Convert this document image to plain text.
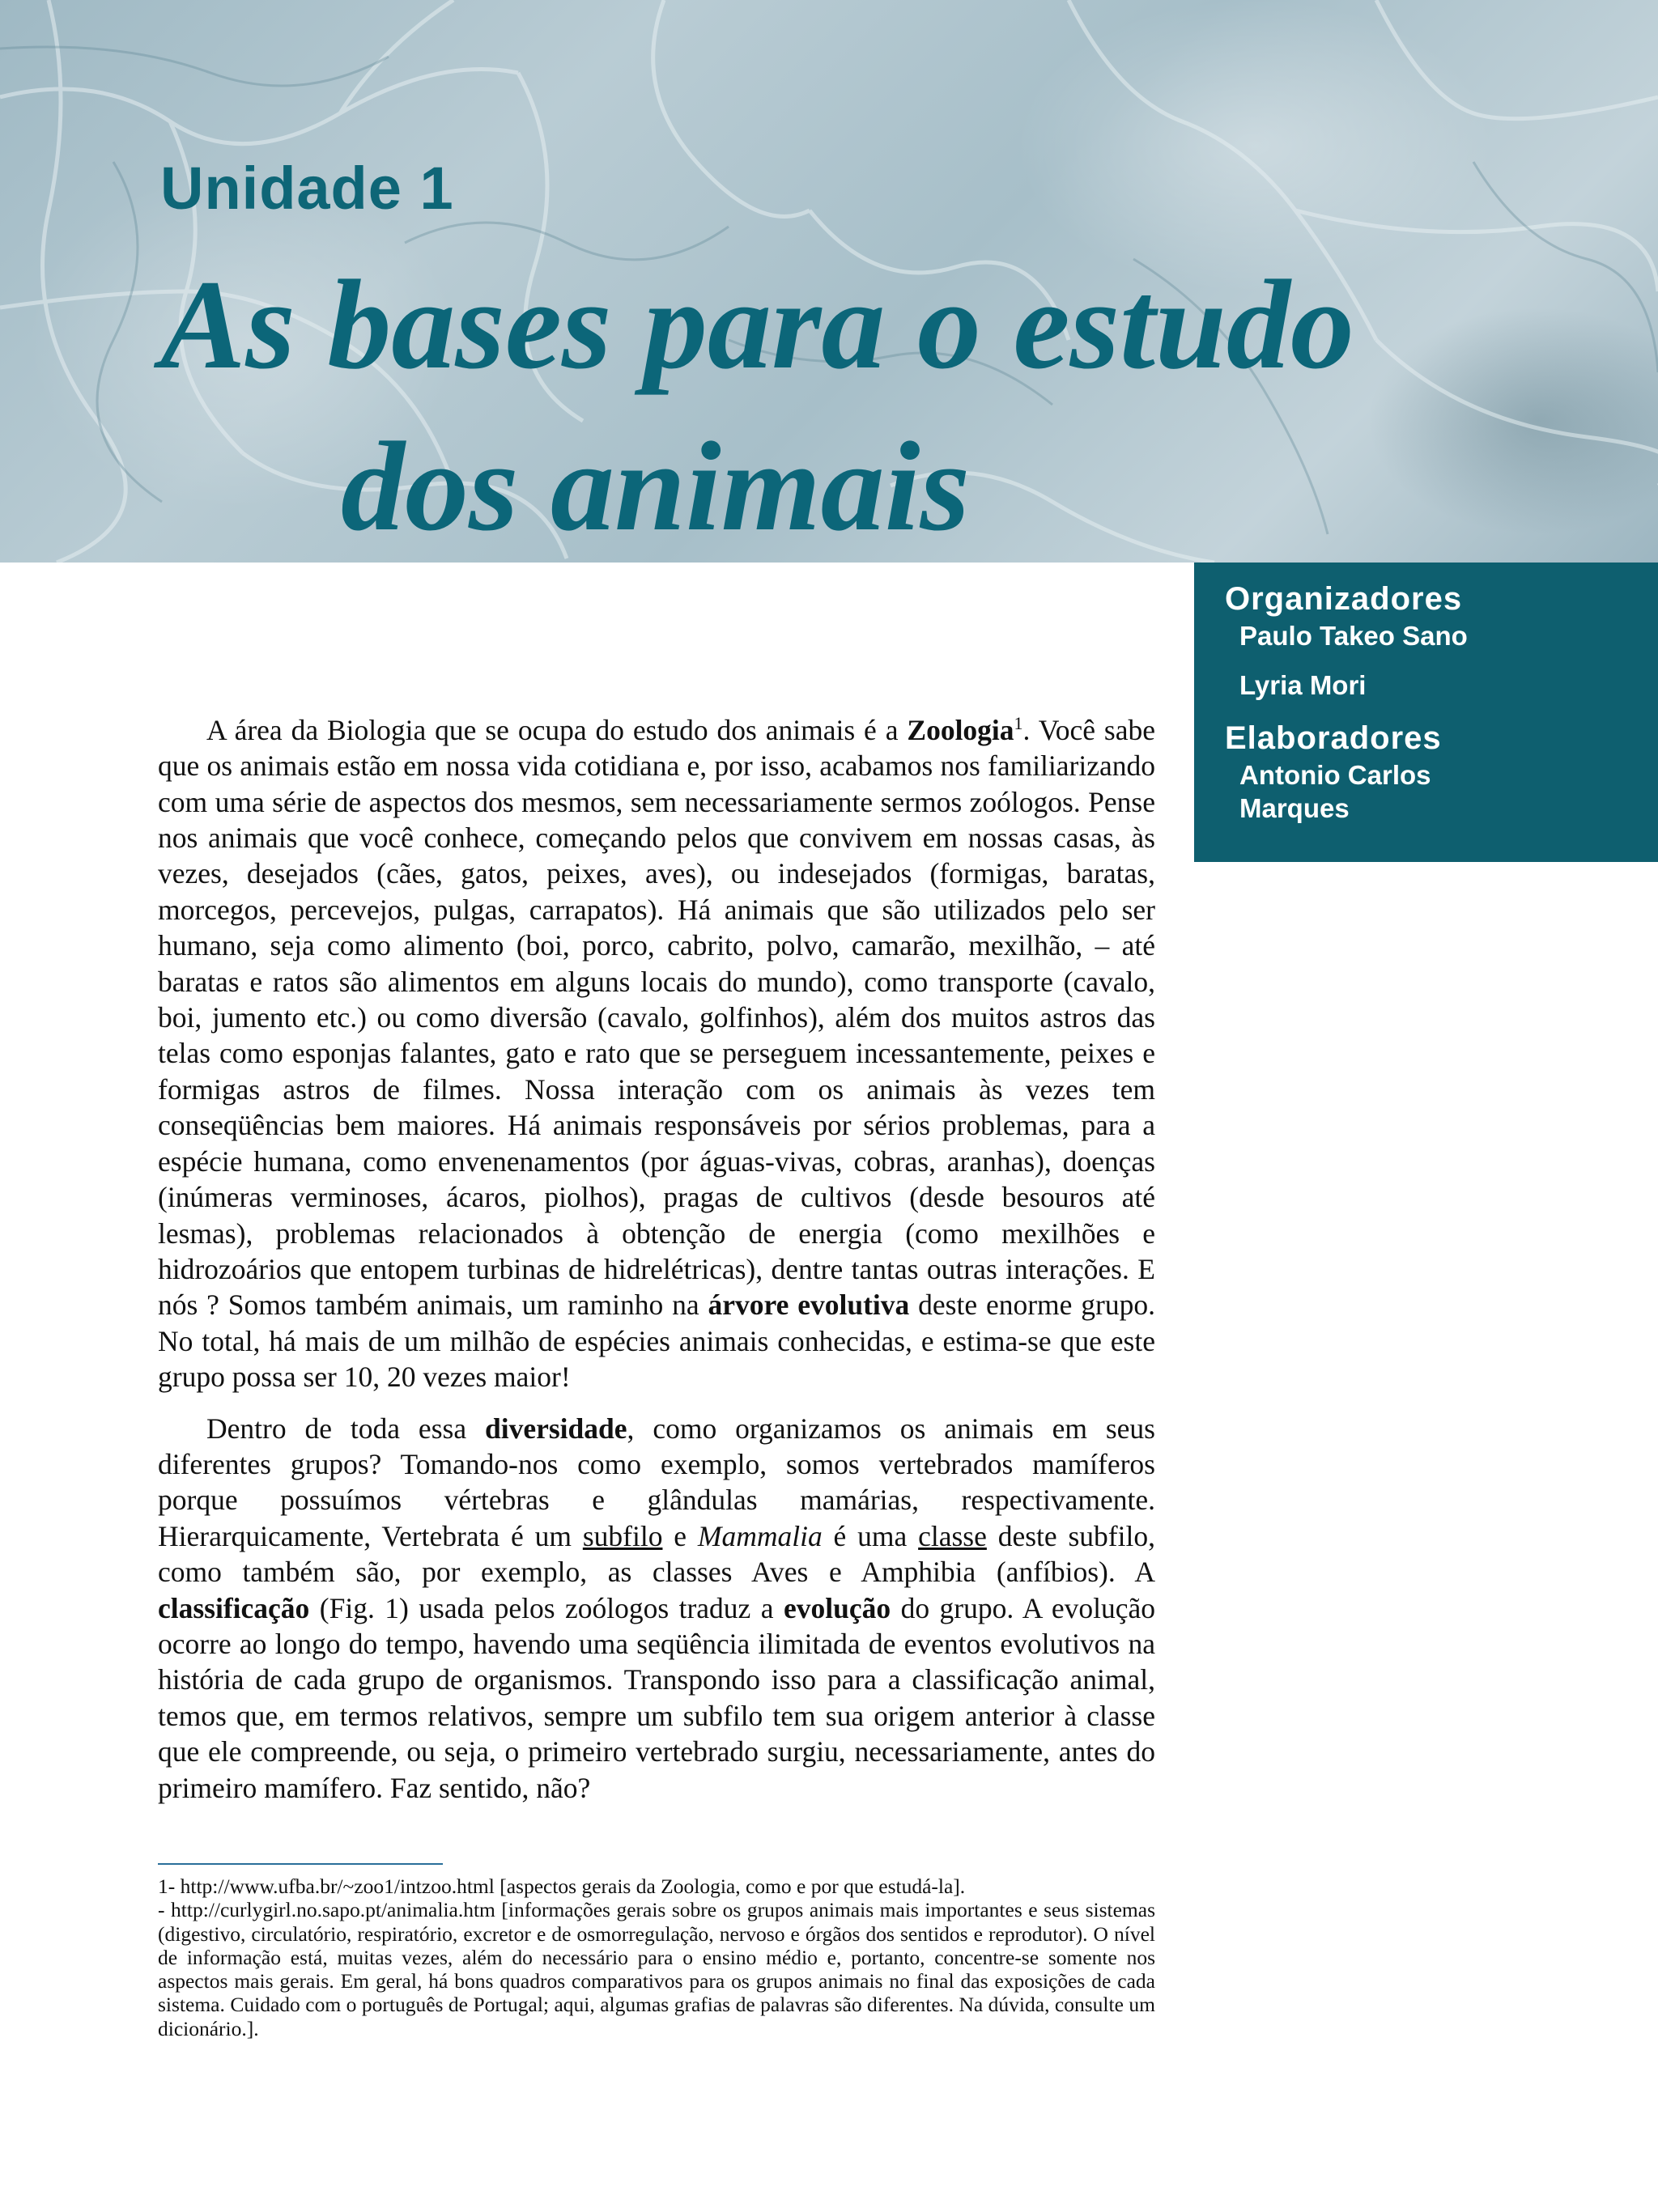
Unidade 1
As bases para o estudo
dos animais

Organizadores

Paulo Takeo Sano

Lyria Mori

Elaboradores

Antonio Carlos

Marques

A área da Biologia que se ocupa do estudo dos animais é a Zoologia$^1$. Você sabe que os animais estão em nossa vida cotidiana e, por isso, acabamos nos familiarizando com uma série de aspectos dos mesmos, sem necessariamente sermos zoólogos. Pense nos animais que você conhece, começando pelos que convivem em nossas casas, às vezes, desejados (cães, gatos, peixes, aves), ou indesejados (formigas, baratas, morcegos, percevejos, pulgas, carrapatos). Há animais que são utilizados pelo ser humano, seja como alimento (boi, porco, cabrito, polvo, camarão, mexilhão, – até baratas e ratos são alimentos em alguns locais do mundo), como transporte (cavalo, boi, jumento etc.) ou como diversão (cavalo, golfinhos), além dos muitos astros das telas como esponjas falantes, gato e rato que se perseguem incessantemente, peixes e formigas astros de filmes. Nossa interação com os animais às vezes tem conseqüências bem maiores. Há animais responsáveis por sérios problemas, para a espécie humana, como envenenamentos (por águas-vivas, cobras, aranhas), doenças (inúmeras verminoses, ácaros, piolhos), pragas de cultivos (desde besouros até lesmas), problemas relacionados à obtenção de energia (como mexilhões e hidrozoários que entopem turbinas de hidrelétricas), dentre tantas outras interações. E nós ? Somos também animais, um raminho na árvore evolutiva deste enorme grupo. No total, há mais de um milhão de espécies animais conhecidas, e estima-se que este grupo possa ser 10, 20 vezes maior!

Dentro de toda essa diversidade, como organizamos os animais em seus diferentes grupos? Tomando-nos como exemplo, somos vertebrados mamíferos porque possuímos vértebras e glândulas mamárias, respectivamente. Hierarquicamente, Vertebrata é um subfilo e Mammalia é uma classe deste subfilo, como também são, por exemplo, as classes Aves e Amphibia (anfíbios). A classificação (Fig. 1) usada pelos zoólogos traduz a evolução do grupo. A evolução ocorre ao longo do tempo, havendo uma seqüência ilimitada de eventos evolutivos na história de cada grupo de organismos. Transpondo isso para a classificação animal, temos que, em termos relativos, sempre um subfilo tem sua origem anterior à classe que ele compreende, ou seja, o primeiro vertebrado surgiu, necessariamente, antes do primeiro mamífero. Faz sentido, não?

1- http://www.ufba.br/~zoo1/intzoo.html [aspectos gerais da Zoologia, como e por que estudá-la].

- http://curlygirl.no.sapo.pt/animalia.htm [informações gerais sobre os grupos animais mais importantes e seus sistemas (digestivo, circulatório, respiratório, excretor e de osmorregulação, nervoso e órgãos dos sentidos e reprodutor). O nível de informação está, muitas vezes, além do necessário para o ensino médio e, portanto, concentre-se somente nos aspectos mais gerais. Em geral, há bons quadros comparativos para os grupos animais no final das exposições de cada sistema. Cuidado com o português de Portugal; aqui, algumas grafias de palavras são diferentes. Na dúvida, consulte um dicionário.].
